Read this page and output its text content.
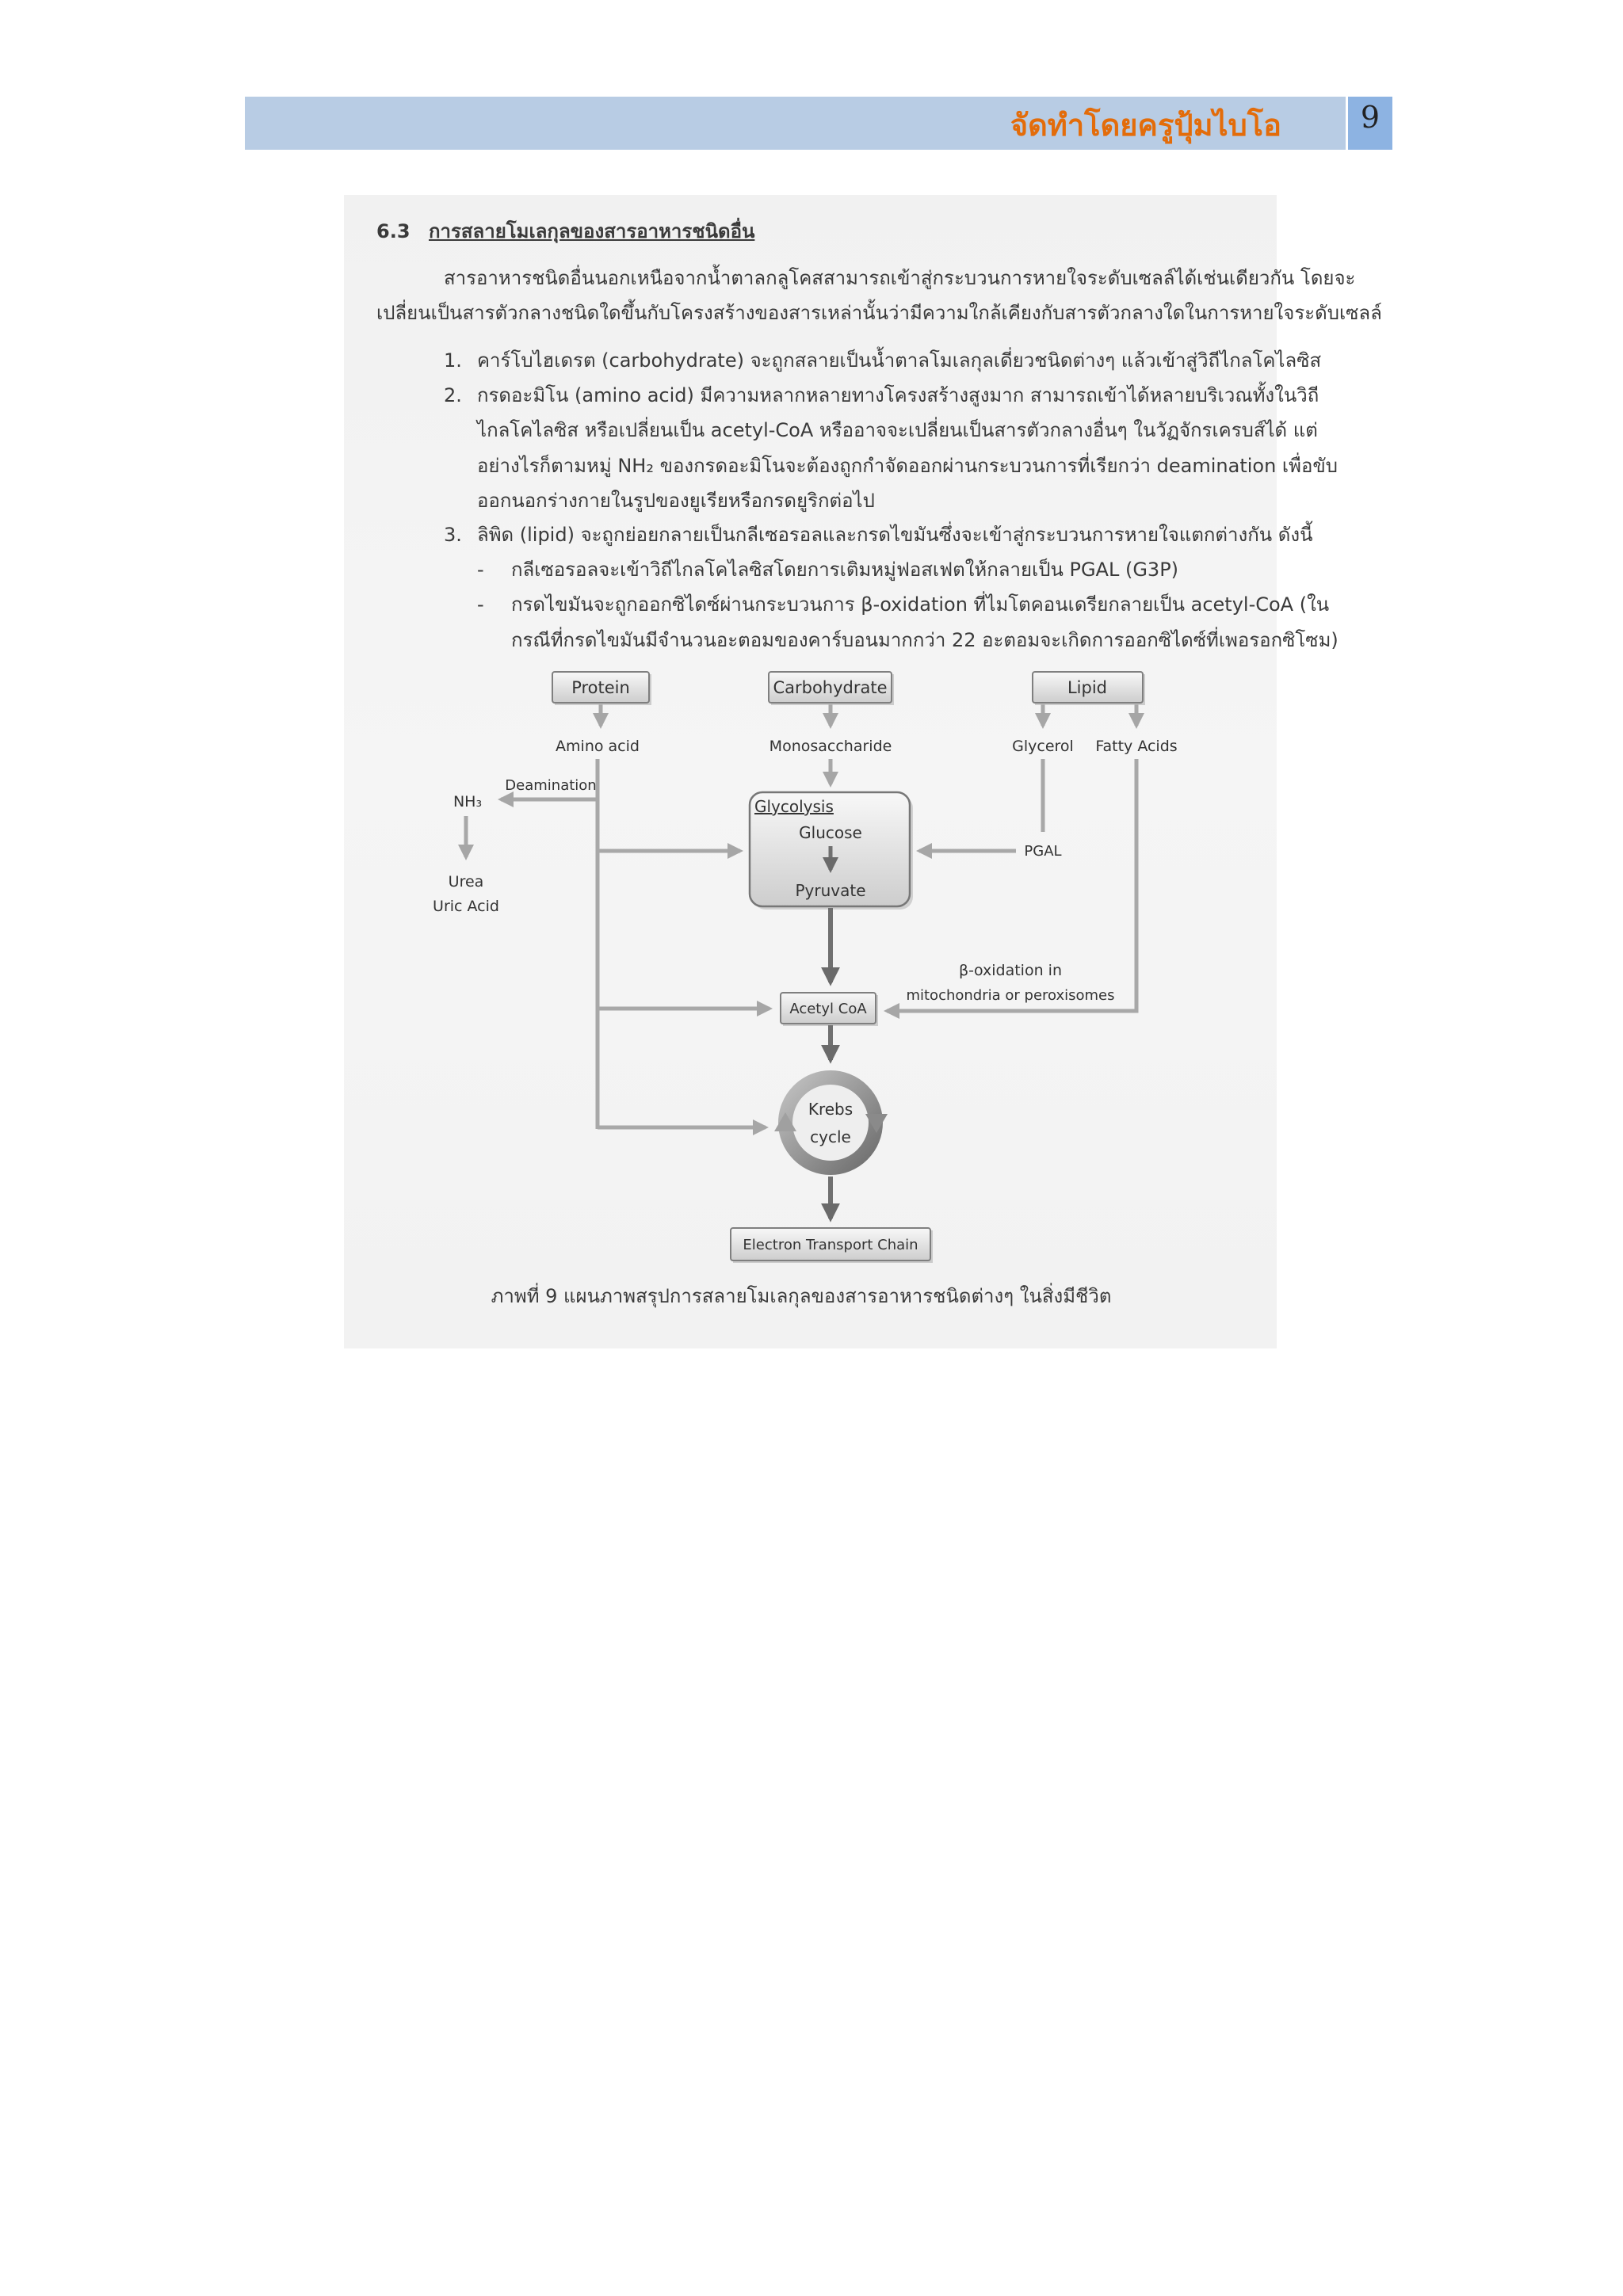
จัดทำโดยครูปุ้มไบโอ	9
6.3 การสลายโมเลกุลของสารอาหารชนิดอื่น
สารอาหารชนิดอื่นนอกเหนือจากน้ำตาลกลูโคสสามารถเข้าสู่กระบวนการหายใจระดับเซลล์ได้เช่นเดียวกัน โดยจะ
เปลี่ยนเป็นสารตัวกลางชนิดใดขึ้นกับโครงสร้างของสารเหล่านั้นว่ามีความใกล้เคียงกับสารตัวกลางใดในการหายใจระดับเซลล์
1. คาร์โบไฮเดรต (carbohydrate) จะถูกสลายเป็นน้ำตาลโมเลกุลเดี่ยวชนิดต่างๆ แล้วเข้าสู่วิถีไกลโคไลซิส
2. กรดอะมิโน (amino acid) มีความหลากหลายทางโครงสร้างสูงมาก สามารถเข้าได้หลายบริเวณทั้งในวิถี
ไกลโคไลซิส หรือเปลี่ยนเป็น acetyl-CoA หรืออาจจะเปลี่ยนเป็นสารตัวกลางอื่นๆ ในวัฏจักรเครบส์ได้ แต่
อย่างไรก็ตามหมู่ NH₂ ของกรดอะมิโนจะต้องถูกกำจัดออกผ่านกระบวนการที่เรียกว่า deamination เพื่อขับ
ออกนอกร่างกายในรูปของยูเรียหรือกรดยูริกต่อไป
3. ลิพิด (lipid) จะถูกย่อยกลายเป็นกลีเซอรอลและกรดไขมันซึ่งจะเข้าสู่กระบวนการหายใจแตกต่างกัน ดังนี้
-	กลีเซอรอลจะเข้าวิถีไกลโคไลซิสโดยการเติมหมู่ฟอสเฟตให้กลายเป็น PGAL (G3P)
-	กรดไขมันจะถูกออกซิไดซ์ผ่านกระบวนการ β-oxidation ที่ไมโตคอนเดรียกลายเป็น acetyl-CoA (ใน
กรณีที่กรดไขมันมีจำนวนอะตอมของคาร์บอนมากกว่า 22 อะตอมจะเกิดการออกซิไดซ์ที่เพอรอกซิโซม)
Protein	Carbohydrate	Lipid
Amino acid	Monosaccharide	Glycerol Fatty Acids
Deamination
NH₃
Urea
Uric Acid
Glycolysis
Glucose
Pyruvate
PGAL
Acetyl CoA
β-oxidation in
mitochondria or peroxisomes
Krebs
cycle
Electron Transport Chain
ภาพที่ 9 แผนภาพสรุปการสลายโมเลกุลของสารอาหารชนิดต่างๆ ในสิ่งมีชีวิต
